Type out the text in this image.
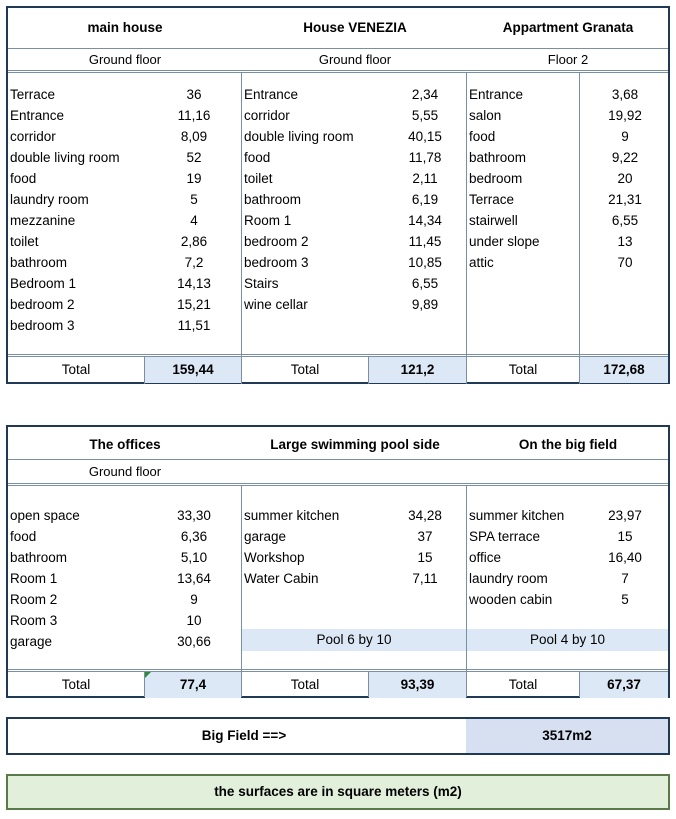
main house	House VENEZIA	Appartment Granata
Ground floor	Ground floor	Floor 2
Terrace	36
Entrance	11,16
corridor	8,09
double living room	52
food	19
laundry room	5
mezzanine	4
toilet	2,86
bathroom	7,2
Bedroom 1	14,13
bedroom 2	15,21
bedroom 3	11,51
Entrance	2,34
corridor	5,55
double living room	40,15
food	11,78
toilet	2,11
bathroom	6,19
Room 1	14,34
bedroom 2	11,45
bedroom 3	10,85
Stairs	6,55
wine cellar	9,89
Entrance	3,68
salon	19,92
food	9
bathroom	9,22
bedroom	20
Terrace	21,31
stairwell	6,55
under slope	13
attic	70
Total	159,44	Total	121,2	Total	172,68
The offices	Large swimming pool side	On the big field
Ground floor
open space	33,30
food	6,36
bathroom	5,10
Room 1	13,64
Room 2	9
Room 3	10
garage	30,66
summer kitchen	34,28
garage	37
Workshop	15
Water Cabin	7,11
summer kitchen	23,97
SPA terrace	15
office	16,40
laundry room	7
wooden cabin	5
Pool 6 by 10	Pool 4 by 10
Total	77,4	Total	93,39	Total	67,37
Big Field ==>	3517m2
the surfaces are in square meters (m2)
